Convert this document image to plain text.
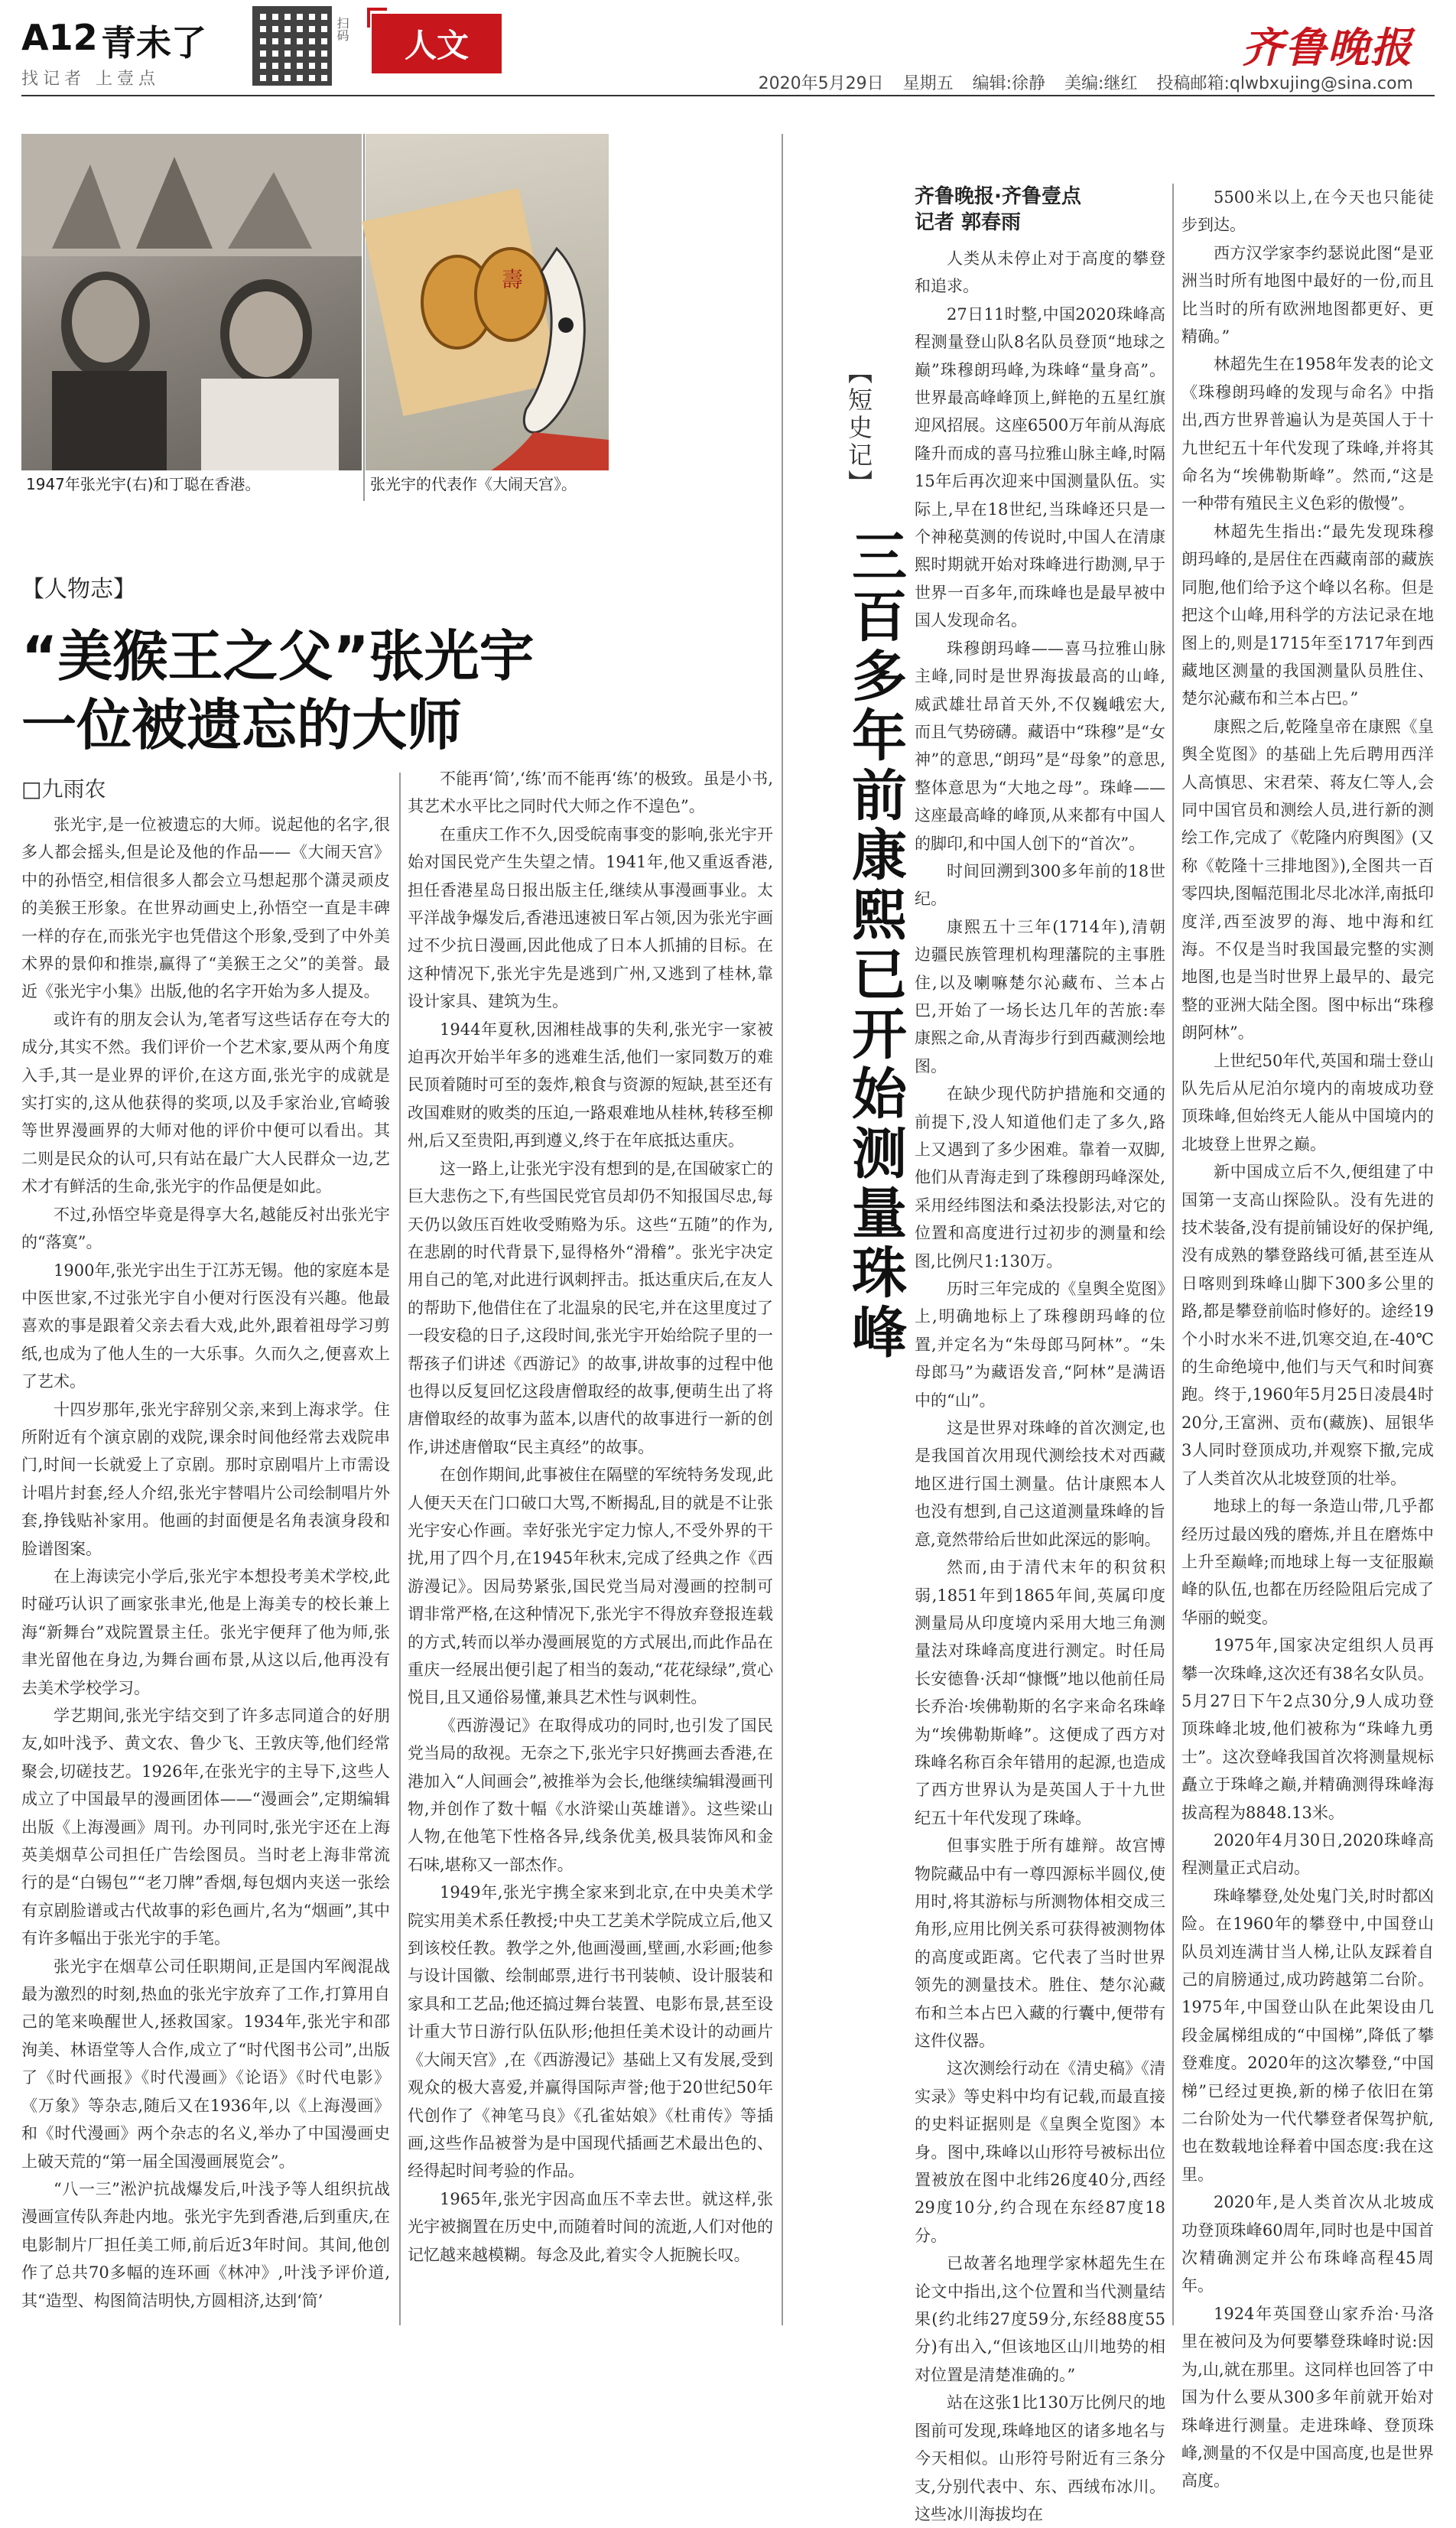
A12 青未了
找记者 上壹点
扫码	人文	齐鲁晚报
2020年5月29日 星期五 编辑:徐静 美编:继红 投稿邮箱:qlwbxujing@sina.com
1947年张光宇(右)和丁聪在香港。
壽
张光宇的代表作《大闹天宫》。
【人物志】
“美猴王之父”张光宇
一位被遗忘的大师
□九雨农

张光宇,是一位被遗忘的大师。说起他的名字,很多人都会摇头,但是论及他的作品——《大闹天宫》中的孙悟空,相信很多人都会立马想起那个潇灵顽皮的美猴王形象。在世界动画史上,孙悟空一直是丰碑一样的存在,而张光宇也凭借这个形象,受到了中外美术界的景仰和推崇,赢得了“美猴王之父”的美誉。最近《张光宇小集》出版,他的名字开始为多人提及。

或许有的朋友会认为,笔者写这些话存在夸大的成分,其实不然。我们评价一个艺术家,要从两个角度入手,其一是业界的评价,在这方面,张光宇的成就是实打实的,这从他获得的奖项,以及手家治业,官崎骏等世界漫画界的大师对他的评价中便可以看出。其二则是民众的认可,只有站在最广大人民群众一边,艺术才有鲜活的生命,张光宇的作品便是如此。

不过,孙悟空毕竟是得享大名,越能反衬出张光宇的“落寞”。

1900年,张光宇出生于江苏无锡。他的家庭本是中医世家,不过张光宇自小便对行医没有兴趣。他最喜欢的事是跟着父亲去看大戏,此外,跟着祖母学习剪纸,也成为了他人生的一大乐事。久而久之,便喜欢上了艺术。

十四岁那年,张光宇辞别父亲,来到上海求学。住所附近有个演京剧的戏院,课余时间他经常去戏院串门,时间一长就爱上了京剧。那时京剧唱片上市需设计唱片封套,经人介绍,张光宇替唱片公司绘制唱片外套,挣钱贴补家用。他画的封面便是名角表演身段和脸谱图案。

在上海读完小学后,张光宇本想投考美术学校,此时碰巧认识了画家张聿光,他是上海美专的校长兼上海“新舞台”戏院置景主任。张光宇便拜了他为师,张聿光留他在身边,为舞台画布景,从这以后,他再没有去美术学校学习。

学艺期间,张光宇结交到了许多志同道合的好朋友,如叶浅予、黄文农、鲁少飞、王敦庆等,他们经常聚会,切磋技艺。1926年,在张光宇的主导下,这些人成立了中国最早的漫画团体——“漫画会”,定期编辑出版《上海漫画》周刊。办刊同时,张光宇还在上海英美烟草公司担任广告绘图员。当时老上海非常流行的是“白锡包”“老刀牌”香烟,每包烟内夹送一张绘有京剧脸谱或古代故事的彩色画片,名为“烟画”,其中有许多幅出于张光宇的手笔。

张光宇在烟草公司任职期间,正是国内军阀混战最为激烈的时刻,热血的张光宇放弃了工作,打算用自己的笔来唤醒世人,拯救国家。1934年,张光宇和邵洵美、林语堂等人合作,成立了“时代图书公司”,出版了《时代画报》《时代漫画》《论语》《时代电影》《万象》等杂志,随后又在1936年,以《上海漫画》和《时代漫画》两个杂志的名义,举办了中国漫画史上破天荒的“第一届全国漫画展览会”。

“八一三”淞沪抗战爆发后,叶浅予等人组织抗战漫画宣传队奔赴内地。张光宇先到香港,后到重庆,在电影制片厂担任美工师,前后近3年时间。其间,他创作了总共70多幅的连环画《林冲》,叶浅予评价道,其“造型、构图简洁明快,方圆相济,达到‘简’

不能再‘简’,‘练’而不能再‘练’的极致。虽是小书,其艺术水平比之同时代大师之作不遑色”。

在重庆工作不久,因受皖南事变的影响,张光宇开始对国民党产生失望之情。1941年,他又重返香港,担任香港星岛日报出版主任,继续从事漫画事业。太平洋战争爆发后,香港迅速被日军占领,因为张光宇画过不少抗日漫画,因此他成了日本人抓捕的目标。在这种情况下,张光宇先是逃到广州,又逃到了桂林,靠设计家具、建筑为生。

1944年夏秋,因湘桂战事的失利,张光宇一家被迫再次开始半年多的逃难生活,他们一家同数万的难民顶着随时可至的轰炸,粮食与资源的短缺,甚至还有改国难财的败类的压迫,一路艰难地从桂林,转移至柳州,后又至贵阳,再到遵义,终于在年底抵达重庆。

这一路上,让张光宇没有想到的是,在国破家亡的巨大悲伤之下,有些国民党官员却仍不知报国尽忠,每天仍以敛压百姓收受贿赂为乐。这些“五随”的作为,在悲剧的时代背景下,显得格外“滑稽”。张光宇决定用自己的笔,对此进行讽刺抨击。抵达重庆后,在友人的帮助下,他借住在了北温泉的民宅,并在这里度过了一段安稳的日子,这段时间,张光宇开始给院子里的一帮孩子们讲述《西游记》的故事,讲故事的过程中他也得以反复回忆这段唐僧取经的故事,便萌生出了将唐僧取经的故事为蓝本,以唐代的故事进行一新的创作,讲述唐僧取“民主真经”的故事。

在创作期间,此事被住在隔壁的军统特务发现,此人便天天在门口破口大骂,不断揭乱,目的就是不让张光宇安心作画。幸好张光宇定力惊人,不受外界的干扰,用了四个月,在1945年秋末,完成了经典之作《西游漫记》。因局势紧张,国民党当局对漫画的控制可谓非常严格,在这种情况下,张光宇不得放弃登报连载的方式,转而以举办漫画展览的方式展出,而此作品在重庆一经展出便引起了相当的轰动,“花花绿绿”,赏心悦目,且又通俗易懂,兼具艺术性与讽刺性。

《西游漫记》在取得成功的同时,也引发了国民党当局的敌视。无奈之下,张光宇只好携画去香港,在港加入“人间画会”,被推举为会长,他继续编辑漫画刊物,并创作了数十幅《水浒梁山英雄谱》。这些梁山人物,在他笔下性格各异,线条优美,极具装饰风和金石味,堪称又一部杰作。

1949年,张光宇携全家来到北京,在中央美术学院实用美术系任教授;中央工艺美术学院成立后,他又到该校任教。教学之外,他画漫画,壁画,水彩画;他参与设计国徽、绘制邮票,进行书刊装帧、设计服装和家具和工艺品;他还搞过舞台装置、电影布景,甚至设计重大节日游行队伍队形;他担任美术设计的动画片《大闹天宫》,在《西游漫记》基础上又有发展,受到观众的极大喜爱,并赢得国际声誉;他于20世纪50年代创作了《神笔马良》《孔雀姑娘》《杜甫传》等插画,这些作品被誉为是中国现代插画艺术最出色的、经得起时间考验的作品。

1965年,张光宇因高血压不幸去世。就这样,张光宇被搁置在历史中,而随着时间的流逝,人们对他的记忆越来越模糊。每念及此,着实令人扼腕长叹。

【短史记】
三百多年前康熙已开始测量珠峰
齐鲁晚报·齐鲁壹点
记者 郭春雨

人类从未停止对于高度的攀登和追求。

27日11时整,中国2020珠峰高程测量登山队8名队员登顶“地球之巅”珠穆朗玛峰,为珠峰“量身高”。世界最高峰峰顶上,鲜艳的五星红旗迎风招展。这座6500万年前从海底隆升而成的喜马拉雅山脉主峰,时隔15年后再次迎来中国测量队伍。实际上,早在18世纪,当珠峰还只是一个神秘莫测的传说时,中国人在清康熙时期就开始对珠峰进行勘测,早于世界一百多年,而珠峰也是最早被中国人发现命名。

珠穆朗玛峰——喜马拉雅山脉主峰,同时是世界海拔最高的山峰,威武雄壮昂首天外,不仅巍峨宏大,而且气势磅礴。藏语中“珠穆”是“女神”的意思,“朗玛”是“母象”的意思,整体意思为“大地之母”。珠峰——这座最高峰的峰顶,从来都有中国人的脚印,和中国人创下的“首次”。

时间回溯到300多年前的18世纪。

康熙五十三年(1714年),清朝边疆民族管理机构理藩院的主事胜住,以及喇嘛楚尔沁藏布、兰本占巴,开始了一场长达几年的苦旅:奉康熙之命,从青海步行到西藏测绘地图。

在缺少现代防护措施和交通的前提下,没人知道他们走了多久,路上又遇到了多少困难。靠着一双脚,他们从青海走到了珠穆朗玛峰深处,采用经纬图法和桑法投影法,对它的位置和高度进行过初步的测量和绘图,比例尺1:130万。

历时三年完成的《皇舆全览图》上,明确地标上了珠穆朗玛峰的位置,并定名为“朱母郎马阿林”。“朱母郎马”为藏语发音,“阿林”是满语中的“山”。

这是世界对珠峰的首次测定,也是我国首次用现代测绘技术对西藏地区进行国土测量。估计康熙本人也没有想到,自己这道测量珠峰的旨意,竟然带给后世如此深远的影响。

然而,由于清代末年的积贫积弱,1851年到1865年间,英属印度测量局从印度境内采用大地三角测量法对珠峰高度进行测定。时任局长安德鲁·沃却“慷慨”地以他前任局长乔治·埃佛勒斯的名字来命名珠峰为“埃佛勒斯峰”。这便成了西方对珠峰名称百余年错用的起源,也造成了西方世界认为是英国人于十九世纪五十年代发现了珠峰。

但事实胜于所有雄辩。故宫博物院藏品中有一尊四源标半圆仪,使用时,将其游标与所测物体相交成三角形,应用比例关系可获得被测物体的高度或距离。它代表了当时世界领先的测量技术。胜住、楚尔沁藏布和兰本占巴入藏的行囊中,便带有这件仪器。

这次测绘行动在《清史稿》《清实录》等史料中均有记载,而最直接的史料证据则是《皇舆全览图》本身。图中,珠峰以山形符号被标出位置被放在图中北纬26度40分,西经29度10分,约合现在东经87度18分。

已故著名地理学家林超先生在论文中指出,这个位置和当代测量结果(约北纬27度59分,东经88度55分)有出入,“但该地区山川地势的相对位置是清楚准确的。”

站在这张1比130万比例尺的地图前可发现,珠峰地区的诸多地名与今天相似。山形符号附近有三条分支,分别代表中、东、西绒布冰川。这些冰川海拔均在

5500米以上,在今天也只能徒步到达。

西方汉学家李约瑟说此图“是亚洲当时所有地图中最好的一份,而且比当时的所有欧洲地图都更好、更精确。”

林超先生在1958年发表的论文《珠穆朗玛峰的发现与命名》中指出,西方世界普遍认为是英国人于十九世纪五十年代发现了珠峰,并将其命名为“埃佛勒斯峰”。然而,“这是一种带有殖民主义色彩的傲慢”。

林超先生指出:“最先发现珠穆朗玛峰的,是居住在西藏南部的藏族同胞,他们给予这个峰以名称。但是把这个山峰,用科学的方法记录在地图上的,则是1715年至1717年到西藏地区测量的我国测量队员胜住、楚尔沁藏布和兰本占巴。”

康熙之后,乾隆皇帝在康熙《皇舆全览图》的基础上先后聘用西洋人高慎思、宋君荣、蒋友仁等人,会同中国官员和测绘人员,进行新的测绘工作,完成了《乾隆内府舆图》(又称《乾隆十三排地图》),全图共一百零四块,图幅范围北尽北冰洋,南抵印度洋,西至波罗的海、地中海和红海。不仅是当时我国最完整的实测地图,也是当时世界上最早的、最完整的亚洲大陆全图。图中标出“珠穆朗阿林”。

上世纪50年代,英国和瑞士登山队先后从尼泊尔境内的南坡成功登顶珠峰,但始终无人能从中国境内的北坡登上世界之巅。

新中国成立后不久,便组建了中国第一支高山探险队。没有先进的技术装备,没有提前铺设好的保护绳,没有成熟的攀登路线可循,甚至连从日喀则到珠峰山脚下300多公里的路,都是攀登前临时修好的。途经19个小时水米不进,饥寒交迫,在-40℃的生命绝境中,他们与天气和时间赛跑。终于,1960年5月25日凌晨4时20分,王富洲、贡布(藏族)、屈银华3人同时登顶成功,并观察下撤,完成了人类首次从北坡登顶的壮举。

地球上的每一条造山带,几乎都经历过最凶残的磨炼,并且在磨炼中上升至巅峰;而地球上每一支征服巅峰的队伍,也都在历经险阻后完成了华丽的蜕变。

1975年,国家决定组织人员再攀一次珠峰,这次还有38名女队员。5月27日下午2点30分,9人成功登顶珠峰北坡,他们被称为“珠峰九勇士”。这次登峰我国首次将测量规标矗立于珠峰之巅,并精确测得珠峰海拔高程为8848.13米。

2020年4月30日,2020珠峰高程测量正式启动。

珠峰攀登,处处鬼门关,时时都凶险。在1960年的攀登中,中国登山队员刘连满甘当人梯,让队友踩着自己的肩膀通过,成功跨越第二台阶。1975年,中国登山队在此架设由几段金属梯组成的“中国梯”,降低了攀登难度。2020年的这次攀登,“中国梯”已经过更换,新的梯子依旧在第二台阶处为一代代攀登者保驾护航,也在数载地诠释着中国态度:我在这里。

2020年,是人类首次从北坡成功登顶珠峰60周年,同时也是中国首次精确测定并公布珠峰高程45周年。

1924年英国登山家乔治·马洛里在被问及为何要攀登珠峰时说:因为,山,就在那里。这同样也回答了中国为什么要从300多年前就开始对珠峰进行测量。走进珠峰、登顶珠峰,测量的不仅是中国高度,也是世界高度。
